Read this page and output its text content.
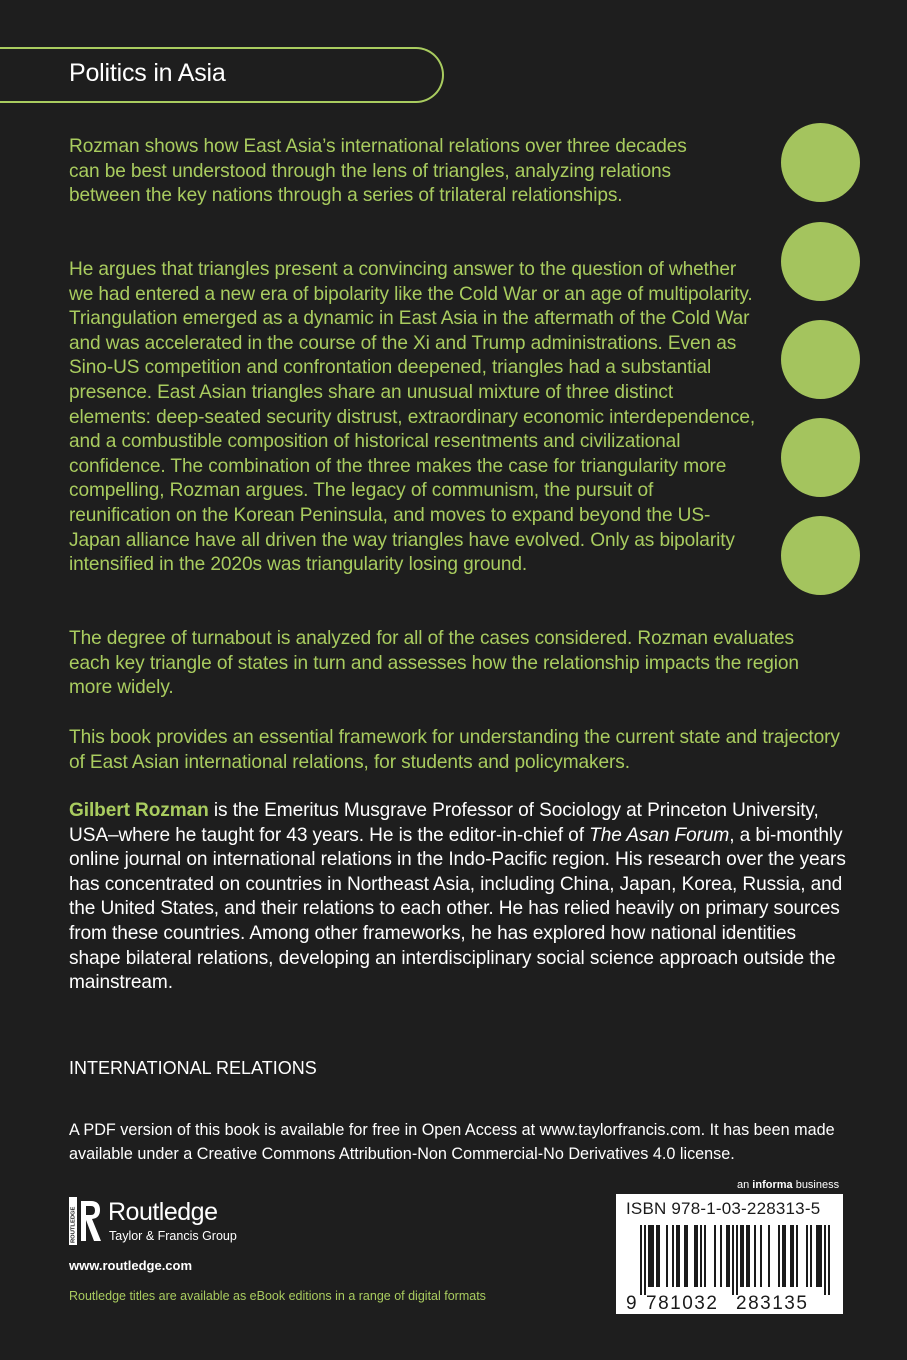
Politics in Asia

Rozman shows how East Asia’s international relations over three decades can be best understood through the lens of triangles, analyzing relations between the key nations through a series of trilateral relationships.

He argues that triangles present a convincing answer to the question of whether we had entered a new era of bipolarity like the Cold War or an age of multipolarity. Triangulation emerged as a dynamic in East Asia in the aftermath of the Cold War and was accelerated in the course of the Xi and Trump administrations. Even as Sino-US competition and confrontation deepened, triangles had a substantial presence. East Asian triangles share an unusual mixture of three distinct elements: deep-seated security distrust, extraordinary economic interdependence, and a combustible composition of historical resentments and civilizational confidence. The combination of the three makes the case for triangularity more compelling, Rozman argues. The legacy of communism, the pursuit of reunification on the Korean Peninsula, and moves to expand beyond the US-Japan alliance have all driven the way triangles have evolved. Only as bipolarity intensified in the 2020s was triangularity losing ground.

The degree of turnabout is analyzed for all of the cases considered. Rozman evaluates each key triangle of states in turn and assesses how the relationship impacts the region more widely.

This book provides an essential framework for understanding the current state and trajectory of East Asian international relations, for students and policymakers.

Gilbert Rozman is the Emeritus Musgrave Professor of Sociology at Princeton University, USA–where he taught for 43 years. He is the editor-in-chief of The Asan Forum, a bi-monthly online journal on international relations in the Indo-Pacific region. His research over the years has concentrated on countries in Northeast Asia, including China, Japan, Korea, Russia, and the United States, and their relations to each other. He has relied heavily on primary sources from these countries. Among other frameworks, he has explored how national identities shape bilateral relations, developing an interdisciplinary social science approach outside the mainstream.

INTERNATIONAL RELATIONS

A PDF version of this book is available for free in Open Access at www.taylorfrancis.com. It has been made available under a Creative Commons Attribution-Non Commercial-No Derivatives 4.0 license.

an informa business
ROUTLEDGE Routledge
Taylor & Francis Group
www.routledge.com
Routledge titles are available as eBook editions in a range of digital formats
ISBN 978-1-03-228313-5
9 781032 283135
